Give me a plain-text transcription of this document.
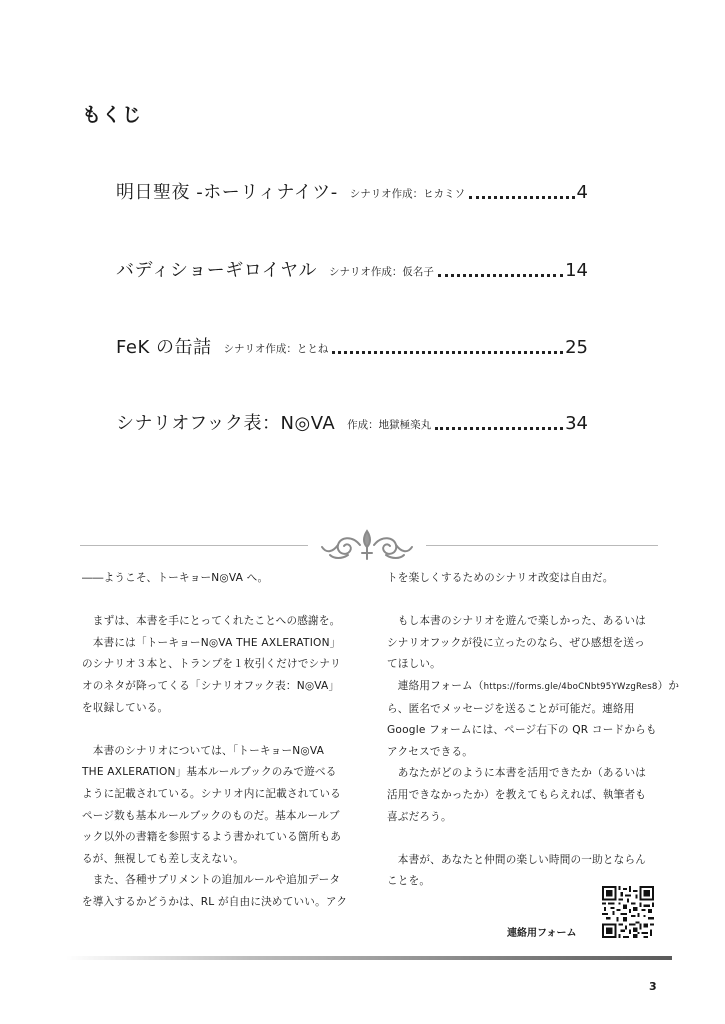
もくじ
明日聖夜 -ホーリィナイツ- シナリオ作成：ヒカミソ	4
バディショーギロイヤル シナリオ作成：仮名子	14
FeK の缶詰 シナリオ作成：ととね	25
シナリオフック表：N◎VA 作成：地獄極楽丸	34

――ようこそ、トーキョーN◎VA へ。

　まずは、本書を手にとってくれたことへの感謝を。

　本書には「トーキョーN◎VA THE AXLERATION」

のシナリオ３本と、トランプを１枚引くだけでシナリ

オのネタが降ってくる「シナリオフック表：N◎VA」

を収録している。

　本書のシナリオについては、「トーキョーN◎VA

THE AXLERATION」基本ルールブックのみで遊べる

ように記載されている。シナリオ内に記載されている

ページ数も基本ルールブックのものだ。基本ルールブ

ック以外の書籍を参照するよう書かれている箇所もあ

るが、無視しても差し支えない。

　また、各種サプリメントの追加ルールや追加データ

を導入するかどうかは、RL が自由に決めていい。アク

トを楽しくするためのシナリオ改変は自由だ。

　もし本書のシナリオを遊んで楽しかった、あるいは

シナリオフックが役に立ったのなら、ぜひ感想を送っ

てほしい。

　連絡用フォーム（https://forms.gle/4boCNbt95YWzgRes8）か

ら、匿名でメッセージを送ることが可能だ。連絡用

Google フォームには、ページ右下の QR コードからも

アクセスできる。

　あなたがどのように本書を活用できたか（あるいは

活用できなかったか）を教えてもらえれば、執筆者も

喜ぶだろう。

　本書が、あなたと仲間の楽しい時間の一助とならん

ことを。

連絡用フォーム
3
